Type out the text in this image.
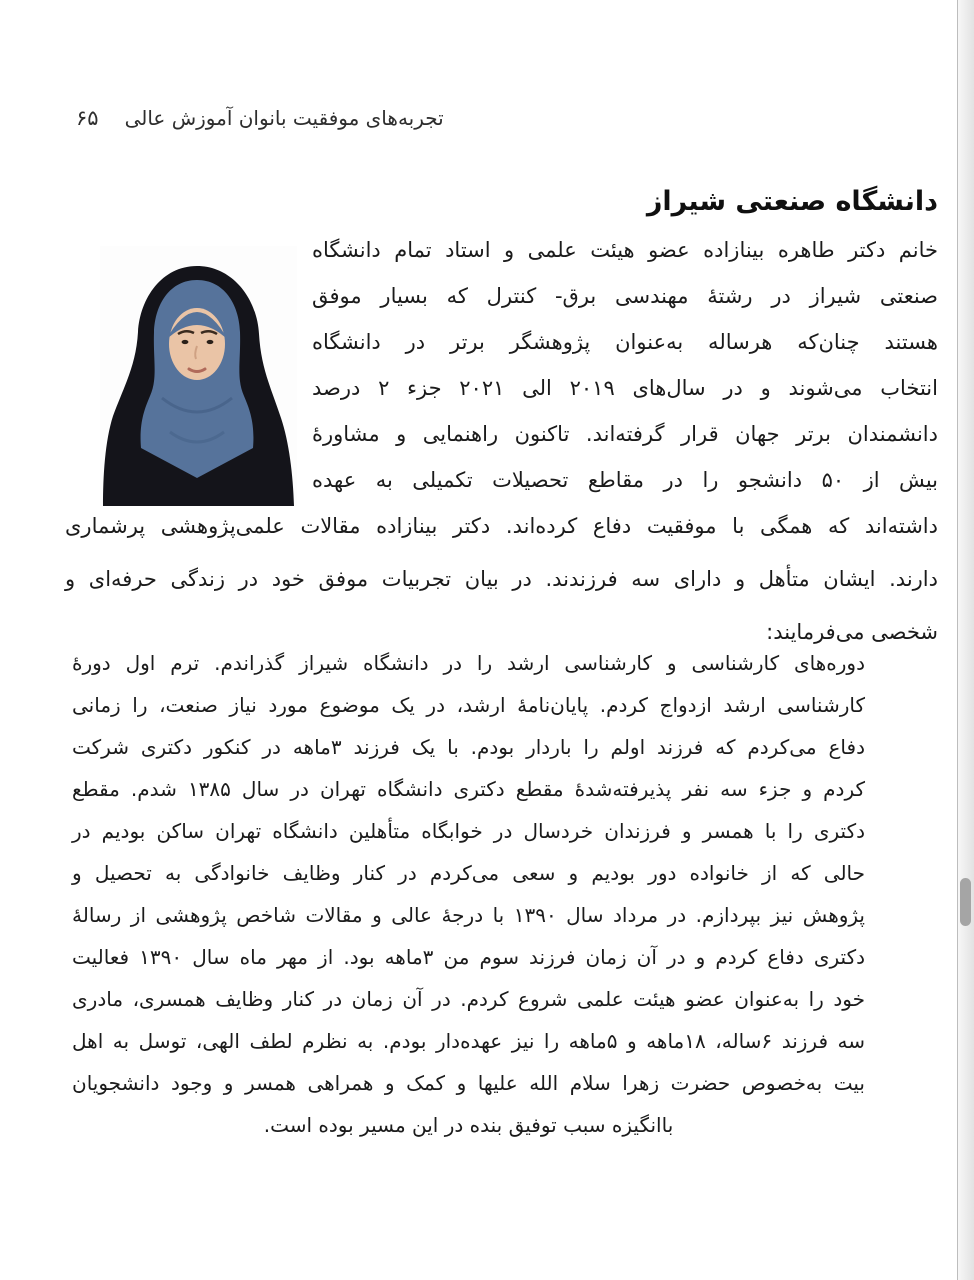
۶۵ تجربه‌های موفقیت بانوان آموزش عالی
دانشگاه صنعتی شیراز
خانم دکتر طاهره بینازاده عضو هیئت علمی و استاد تمام دانشگاه
صنعتی شیراز در رشتهٔ مهندسی برق- کنترل که بسیار موفق
هستند چنان‌که هرساله به‌عنوان پژوهشگر برتر در دانشگاه
انتخاب می‌شوند و در سال‌های ۲۰۱۹ الی ۲۰۲۱ جزء ۲ درصد
دانشمندان برتر جهان قرار گرفته‌اند. تاکنون راهنمایی و مشاورهٔ
بیش از ۵۰ دانشجو را در مقاطع تحصیلات تکمیلی به عهده
داشته‌اند که همگی با موفقیت دفاع کرده‌اند. دکتر بینازاده مقالات علمی‌پژوهشی پرشماری
دارند. ایشان متأهل و دارای سه فرزندند. در بیان تجربیات موفق خود در زندگی حرفه‌ای و
شخصی می‌فرمایند:
دوره‌های کارشناسی و کارشناسی ارشد را در دانشگاه شیراز گذراندم. ترم اول دورهٔ
کارشناسی ارشد ازدواج کردم. پایان‌نامهٔ ارشد، در یک موضوع مورد نیاز صنعت، را زمانی
دفاع می‌کردم که فرزند اولم را باردار بودم. با یک فرزند ۳ماهه در کنکور دکتری شرکت
کردم و جزء سه نفر پذیرفته‌شدهٔ مقطع دکتری دانشگاه تهران در سال ۱۳۸۵ شدم. مقطع
دکتری را با همسر و فرزندان خردسال در خوابگاه متأهلین دانشگاه تهران ساکن بودیم در
حالی که از خانواده دور بودیم و سعی می‌کردم در کنار وظایف خانوادگی به تحصیل و
پژوهش نیز بپردازم. در مرداد سال ۱۳۹۰ با درجهٔ عالی و مقالات شاخص پژوهشی از رسالهٔ
دکتری دفاع کردم و در آن زمان فرزند سوم من ۳ماهه بود. از مهر ماه سال ۱۳۹۰ فعالیت
خود را به‌عنوان عضو هیئت علمی شروع کردم. در آن زمان در کنار وظایف همسری، مادری
سه فرزند ۶ساله، ۱۸ماهه و ۵ماهه را نیز عهده‌دار بودم. به نظرم لطف الهی، توسل به اهل
بیت به‌خصوص حضرت زهرا سلام الله علیها و کمک و همراهی همسر و وجود دانشجویان
باانگیزه سبب توفیق بنده در این مسیر بوده است.
